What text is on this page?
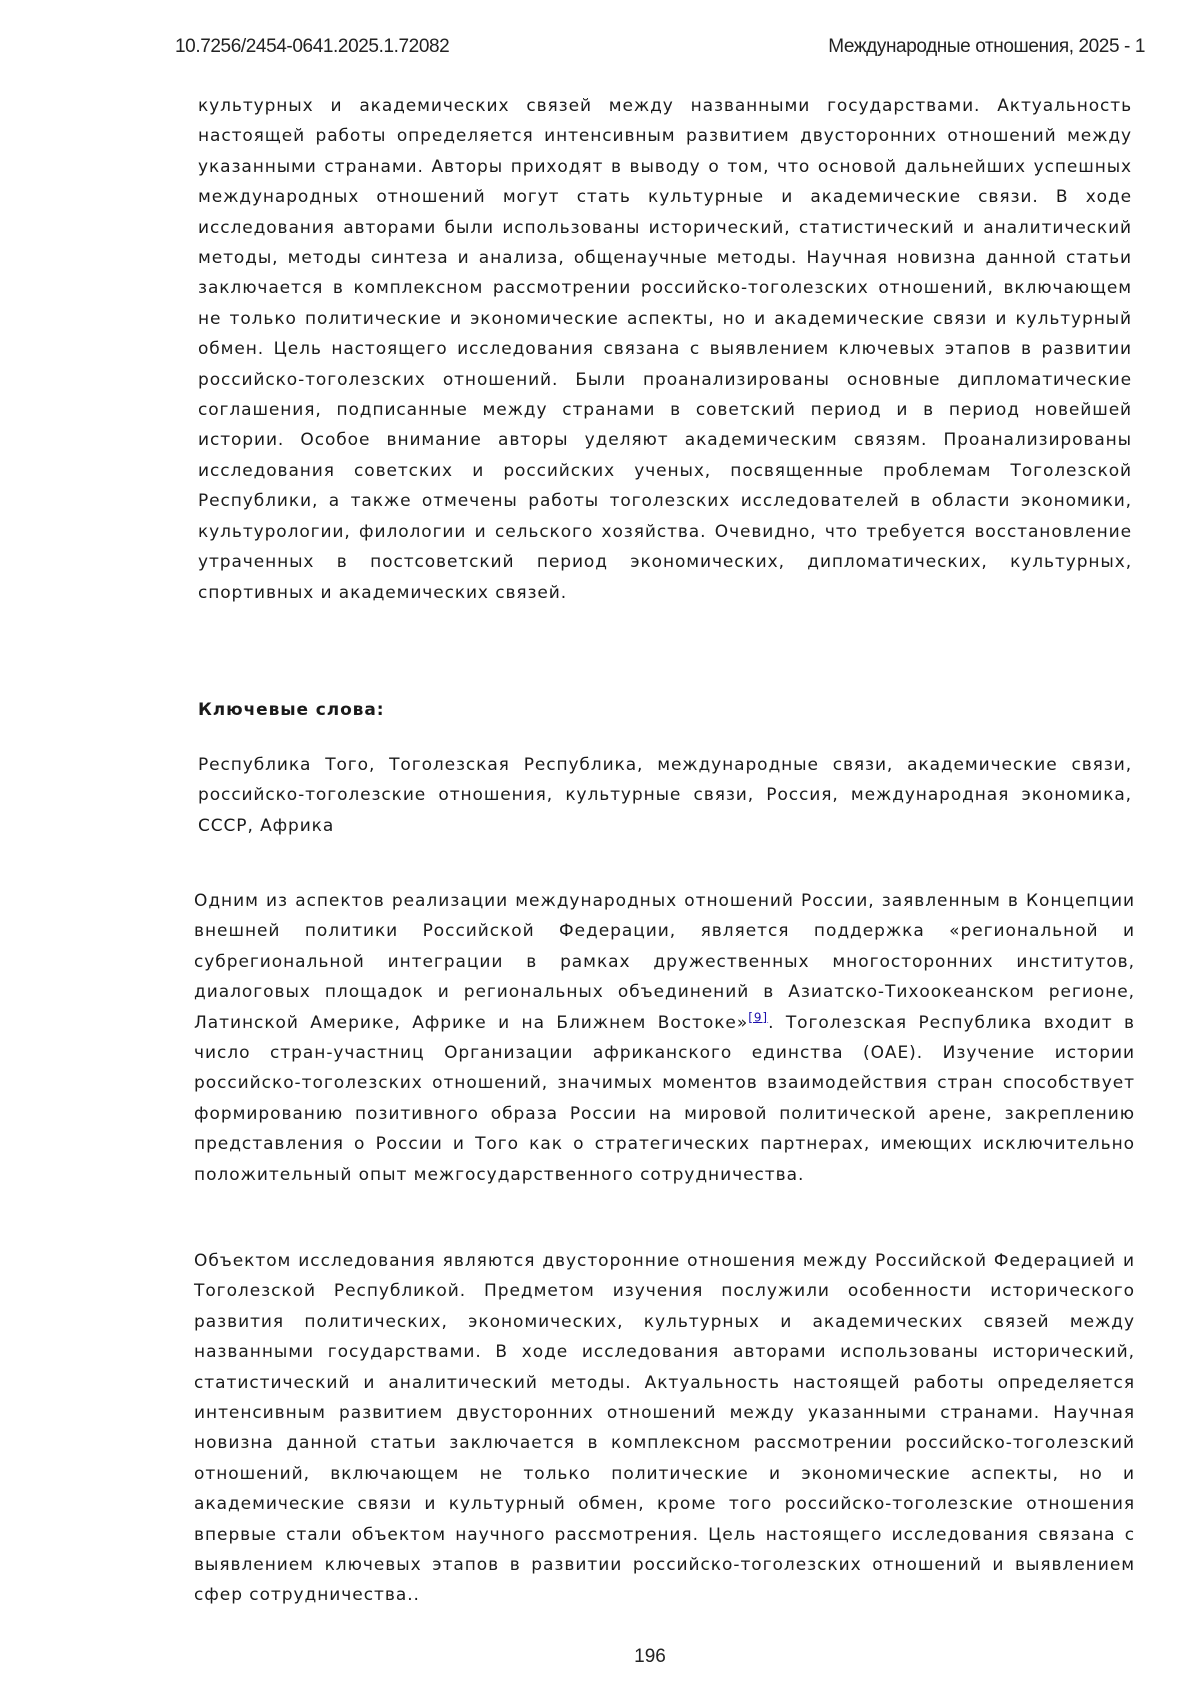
10.7256/2454-0641.2025.1.72082	Международные отношения, 2025 - 1

культурных и академических связей между названными государствами. Актуальность настоящей работы определяется интенсивным развитием двусторонних отношений между указанными странами. Авторы приходят в выводу о том, что основой дальнейших успешных международных отношений могут стать культурные и академические связи. В ходе исследования авторами были использованы исторический, статистический и аналитический методы, методы синтеза и анализа, общенаучные методы. Научная новизна данной статьи заключается в комплексном рассмотрении российско-тоголезских отношений, включающем не только политические и экономические аспекты, но и академические связи и культурный обмен. Цель настоящего исследования связана с выявлением ключевых этапов в развитии российско-тоголезских отношений. Были проанализированы основные дипломатические соглашения, подписанные между странами в советский период и в период новейшей истории. Особое внимание авторы уделяют академическим связям. Проанализированы исследования советских и российских ученых, посвященные проблемам Тоголезской Республики, а также отмечены работы тоголезских исследователей в области экономики, культурологии, филологии и сельского хозяйства. Очевидно, что требуется восстановление утраченных в постсоветский период экономических, дипломатических, культурных, спортивных и академических связей.

Ключевые слова:

Республика Того, Тоголезская Республика, международные связи, академические связи, российско-тоголезские отношения, культурные связи, Россия, международная экономика, СССР, Африка

Одним из аспектов реализации международных отношений России, заявленным в Концепции внешней политики Российской Федерации, является поддержка «региональной и субрегиональной интеграции в рамках дружественных многосторонних институтов, диалоговых площадок и региональных объединений в Азиатско-Тихоокеанском регионе, Латинской Америке, Африке и на Ближнем Востоке»[9]. Тоголезская Республика входит в число стран-участниц Организации африканского единства (ОАЕ). Изучение истории российско-тоголезских отношений, значимых моментов взаимодействия стран способствует формированию позитивного образа России на мировой политической арене, закреплению представления о России и Того как о стратегических партнерах, имеющих исключительно положительный опыт межгосударственного сотрудничества.

Объектом исследования являются двусторонние отношения между Российской Федерацией и Тоголезской Республикой. Предметом изучения послужили особенности исторического развития политических, экономических, культурных и академических связей между названными государствами. В ходе исследования авторами использованы исторический, статистический и аналитический методы. Актуальность настоящей работы определяется интенсивным развитием двусторонних отношений между указанными странами. Научная новизна данной статьи заключается в комплексном рассмотрении российско-тоголезский отношений, включающем не только политические и экономические аспекты, но и академические связи и культурный обмен, кроме того российско-тоголезские отношения впервые стали объектом научного рассмотрения. Цель настоящего исследования связана с выявлением ключевых этапов в развитии российско-тоголезских отношений и выявлением сфер сотрудничества..

196
